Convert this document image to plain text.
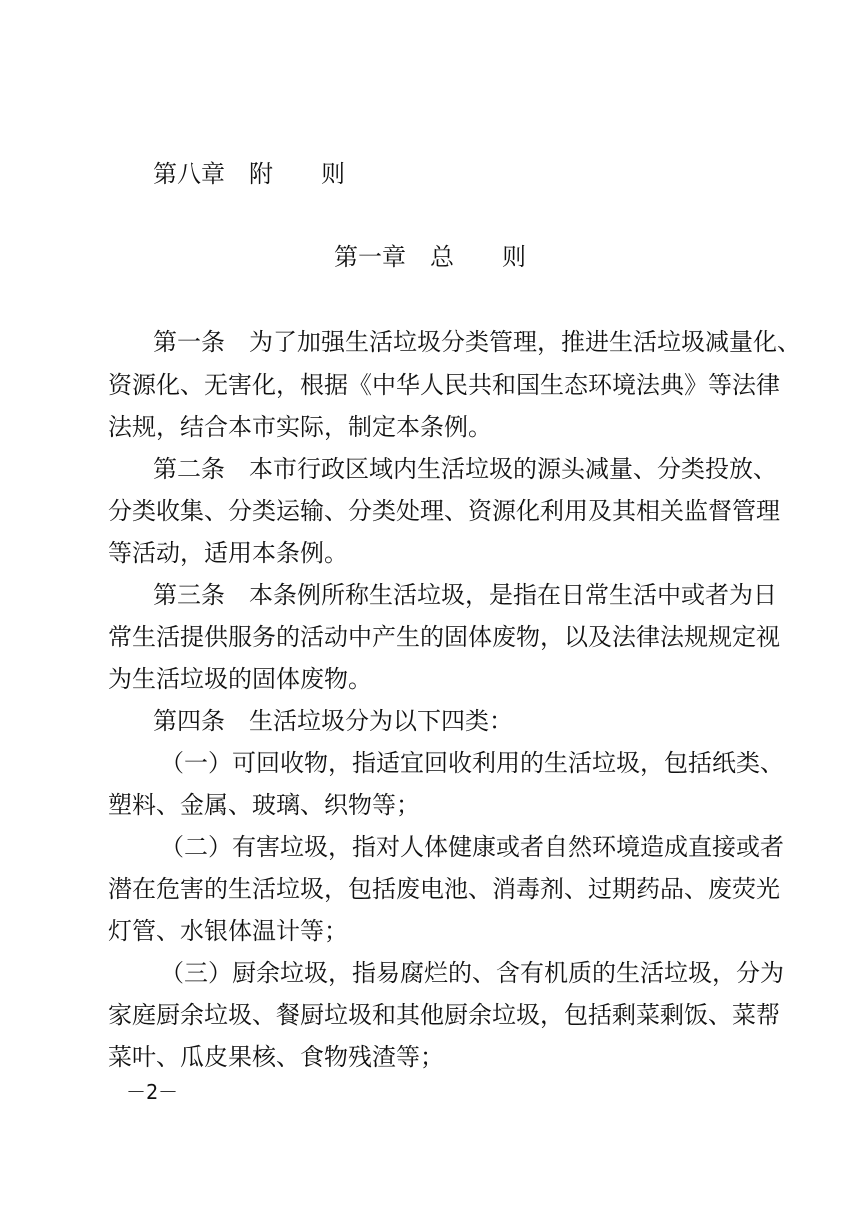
第八章　附　　则
第一章　总　　则
第一条　为了加强生活垃圾分类管理，推进生活垃圾减量化、
资源化、无害化，根据《中华人民共和国生态环境法典》等法律
法规，结合本市实际，制定本条例。
第二条　本市行政区域内生活垃圾的源头减量、分类投放、
分类收集、分类运输、分类处理、资源化利用及其相关监督管理
等活动，适用本条例。
第三条　本条例所称生活垃圾，是指在日常生活中或者为日
常生活提供服务的活动中产生的固体废物，以及法律法规规定视
为生活垃圾的固体废物。
第四条　生活垃圾分为以下四类：
（一）可回收物，指适宜回收利用的生活垃圾，包括纸类、
塑料、金属、玻璃、织物等；
（二）有害垃圾，指对人体健康或者自然环境造成直接或者
潜在危害的生活垃圾，包括废电池、消毒剂、过期药品、废荧光
灯管、水银体温计等；
（三）厨余垃圾，指易腐烂的、含有机质的生活垃圾，分为
家庭厨余垃圾、餐厨垃圾和其他厨余垃圾，包括剩菜剩饭、菜帮
菜叶、瓜皮果核、食物残渣等；
－2－
